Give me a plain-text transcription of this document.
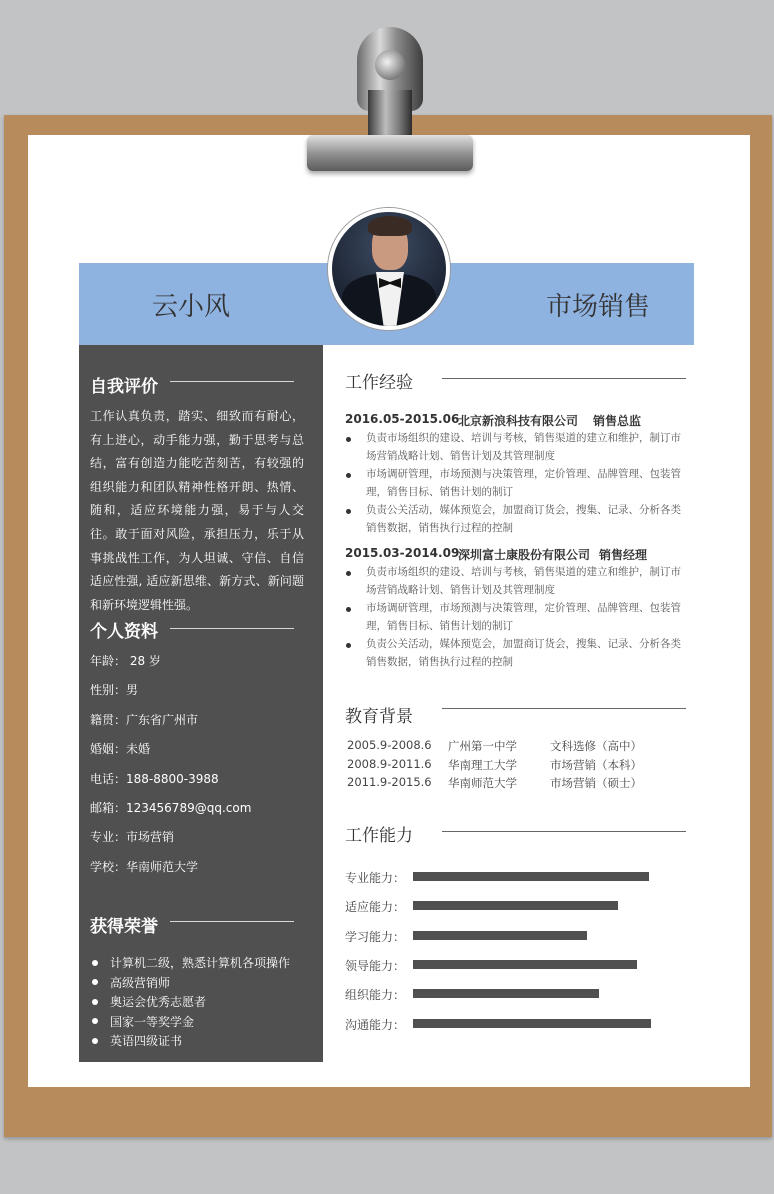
云小风	市场销售
自我评价
工作认真负责，踏实、细致而有耐心，有上进心，动手能力强，勤于思考与总结，富有创造力能吃苦刻苦，有较强的组织能力和团队精神性格开朗、热情、随和，适应环境能力强，易于与人交往。敢于面对风险，承担压力，乐于从事挑战性工作，为人坦诚、守信、自信适应性强, 适应新思维、新方式、新问题和新环境逻辑性强。
个人资料
年龄： 28 岁
性别：男
籍贯：广东省广州市
婚姻：未婚
电话：188-8800-3988
邮箱：123456789@qq.com
专业：市场营销
学校：华南师范大学
获得荣誉
计算机二级，熟悉计算机各项操作
高级营销师
奥运会优秀志愿者
国家一等奖学金
英语四级证书
工作经验
2016.05-2015.06
北京新浪科技有限公司 销售总监
负责市场组织的建设、培训与考核，销售渠道的建立和维护，制订市场营销战略计划、销售计划及其管理制度
市场调研管理，市场预测与决策管理，定价管理、品牌管理、包装管理，销售目标、销售计划的制订
负责公关活动，媒体预览会，加盟商订货会，搜集、记录、分析各类销售数据，销售执行过程的控制
2015.03-2014.09
深圳富士康股份有限公司 销售经理
负责市场组织的建设、培训与考核，销售渠道的建立和维护，制订市场营销战略计划、销售计划及其管理制度
市场调研管理，市场预测与决策管理，定价管理、品牌管理、包装管理，销售目标、销售计划的制订
负责公关活动，媒体预览会，加盟商订货会，搜集、记录、分析各类销售数据，销售执行过程的控制
教育背景
2005.9-2008.6 广州第一中学	文科选修（高中）
2008.9-2011.6 华南理工大学	市场营销（本科）
2011.9-2015.6 华南师范大学	市场营销（硕士）
工作能力
专业能力：
适应能力：
学习能力：
领导能力：
组织能力：
沟通能力：
